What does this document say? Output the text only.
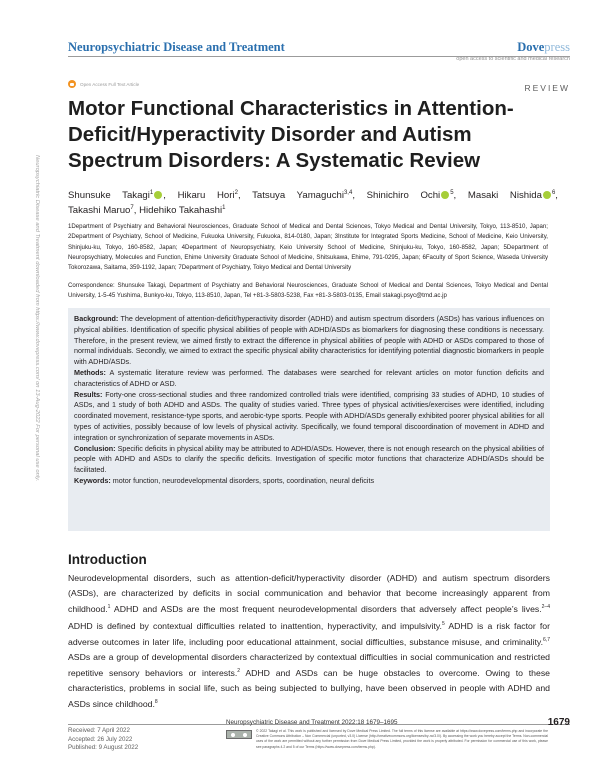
Neuropsychiatric Disease and Treatment	Dovepress
open access to scientific and medical research
Open Access Full Text Article	REVIEW
Neuropsychiatric Disease and Treatment downloaded from https://www.dovepress.com/ on 13-Aug-2022 For personal use only.
Motor Functional Characteristics in Attention-Deficit/Hyperactivity Disorder and Autism Spectrum Disorders: A Systematic Review
Shunsuke Takagi$^1$ , Hikaru Hori$^2$, Tatsuya Yamaguchi$^{3,4}$, Shinichiro Ochi $^5$, Masaki Nishida $^6$,
Takashi Maruo$^7$, Hidehiko Takahashi$^1$
1Department of Psychiatry and Behavioral Neurosciences, Graduate School of Medical and Dental Sciences, Tokyo Medical and Dental University, Tokyo, 113-8510, Japan; 2Department of Psychiatry, School of Medicine, Fukuoka University, Fukuoka, 814-0180, Japan; 3Institute for Integrated Sports Medicine, School of Medicine, Keio University, Shinjuku-ku, Tokyo, 160-8582, Japan; 4Department of Neuropsychiatry, Keio University School of Medicine, Shinjuku-ku, Tokyo, 160-8582, Japan; 5Department of Neuropsychiatry, Molecules and Function, Ehime University Graduate School of Medicine, Shitsukawa, Ehime, 791-0295, Japan; 6Faculty of Sport Science, Waseda University Tokorozawa, Saitama, 359-1192, Japan; 7Department of Psychiatry, Tokyo Medical and Dental University
Correspondence: Shunsuke Takagi, Department of Psychiatry and Behavioral Neurosciences, Graduate School of Medical and Dental Sciences, Tokyo Medical and Dental University, 1-5-45 Yushima, Bunkyo-ku, Tokyo, 113-8510, Japan, Tel +81-3-5803-5238, Fax +81-3-5803-0135, Email stakagi.psyc@tmd.ac.jp

Background: The development of attention-deficit/hyperactivity disorder (ADHD) and autism spectrum disorders (ASDs) has various influences on physical abilities. Identification of specific physical abilities of people with ADHD/ASDs as biomarkers for diagnosing these conditions is necessary. Therefore, in the present review, we aimed firstly to extract the difference in physical abilities of people with ADHD or ASDs compared to those of normal individuals. Secondly, we aimed to extract the specific physical ability characteristics for identifying potential diagnostic biomarkers in people with ADHD/ASDs.

Methods: A systematic literature review was performed. The databases were searched for relevant articles on motor function deficits and characteristics of ADHD or ASD.

Results: Forty-one cross-sectional studies and three randomized controlled trials were identified, comprising 33 studies of ADHD, 10 studies of ASDs, and 1 study of both ADHD and ASDs. The quality of studies varied. Three types of physical activities/exercises were identified, including coordinated movement, resistance-type sports, and aerobic-type sports. People with ADHD/ASDs generally exhibited poorer physical abilities for all types of activities, possibly because of low levels of physical activity. Specifically, we found temporal discoordination of movement in ADHD and integration or synchronization of separate movements in ASDs.

Conclusion: Specific deficits in physical ability may be attributed to ADHD/ASDs. However, there is not enough research on the physical abilities of people with ADHD and ASDs to clarify the specific deficits. Investigation of specific motor functions that characterize ADHD/ASDs should be facilitated.

Keywords: motor function, neurodevelopmental disorders, sports, coordination, neural deficits

Introduction

Neurodevelopmental disorders, such as attention-deficit/hyperactivity disorder (ADHD) and autism spectrum disorders (ASDs), are characterized by deficits in social communication and behavior that become increasingly apparent from childhood.$^1$ ADHD and ASDs are the most frequent neurodevelopmental disorders that adversely affect people’s lives.$^{2-4}$ ADHD is defined by contextual difficulties related to inattention, hyperactivity, and impulsivity.$^5$ ADHD is a risk factor for adverse outcomes in later life, including poor educational attainment, social difficulties, substance misuse, and criminality.$^{6,7}$ ASDs are a group of developmental disorders characterized by contextual difficulties in social communication and restricted repetitive sensory behaviors or interests.$^2$ ADHD and ASDs can be huge obstacles to overcome. Owing to these characteristics, problems in social life, such as being subjected to bullying, have been observed in people with ADHD and ASDs since childhood.$^8$

Received: 7 April 2022
Accepted: 26 July 2022
Published: 9 August 2022
Neuropsychiatric Disease and Treatment 2022:18 1679–1695	1679
© 2022 Takagi et al. This work is published and licensed by Dove Medical Press Limited. The full terms of this license are available at https://www.dovepress.com/terms.php and incorporate the Creative Commons Attribution – Non Commercial (unported, v3.0) License (http://creativecommons.org/licenses/by-nc/3.0/). By accessing the work you hereby accept the Terms. Non-commercial uses of the work are permitted without any further permission from Dove Medical Press Limited, provided the work is properly attributed. For permission for commercial use of this work, please see paragraphs 4.2 and 5 of our Terms (https://www.dovepress.com/terms.php).
